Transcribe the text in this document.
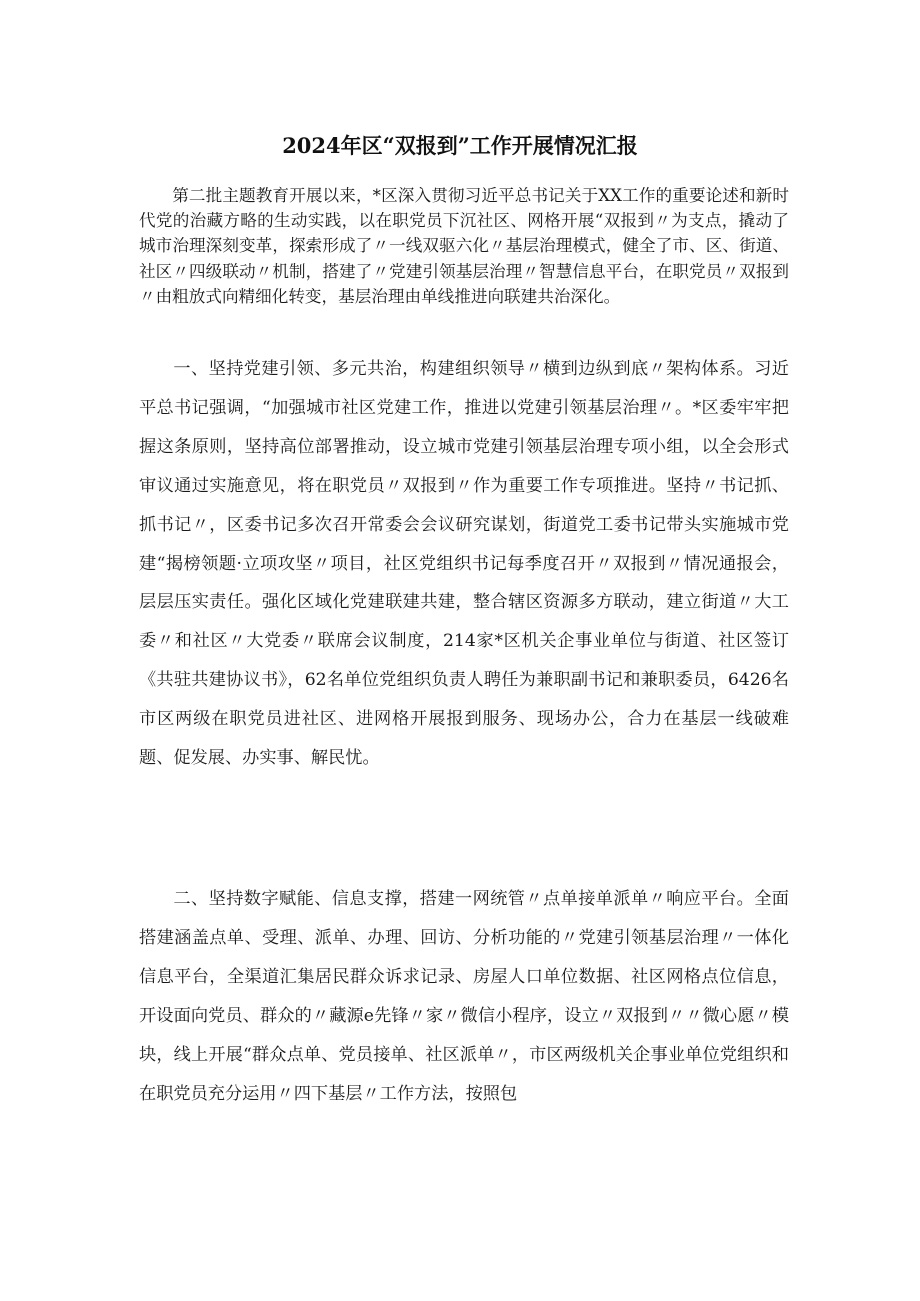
2024年区“双报到”工作开展情况汇报

第二批主题教育开展以来，*区深入贯彻习近平总书记关于XX工作的重要论述和新时代党的治藏方略的生动实践，以在职党员下沉社区、网格开展“双报到〃为支点，撬动了城市治理深刻变革，探索形成了〃一线双驱六化〃基层治理模式，健全了市、区、街道、社区〃四级联动〃机制，搭建了〃党建引领基层治理〃智慧信息平台，在职党员〃双报到〃由粗放式向精细化转变，基层治理由单线推进向联建共治深化。

一、坚持党建引领、多元共治，构建组织领导〃横到边纵到底〃架构体系。习近平总书记强调，“加强城市社区党建工作，推进以党建引领基层治理〃。*区委牢牢把握这条原则，坚持高位部署推动，设立城市党建引领基层治理专项小组，以全会形式审议通过实施意见，将在职党员〃双报到〃作为重要工作专项推进。坚持〃书记抓、抓书记〃，区委书记多次召开常委会会议研究谋划，街道党工委书记带头实施城市党建“揭榜领题·立项攻坚〃项目，社区党组织书记每季度召开〃双报到〃情况通报会，层层压实责任。强化区域化党建联建共建，整合辖区资源多方联动，建立街道〃大工委〃和社区〃大党委〃联席会议制度，214家*区机关企事业单位与街道、社区签订《共驻共建协议书》，62名单位党组织负责人聘任为兼职副书记和兼职委员，6426名市区两级在职党员进社区、进网格开展报到服务、现场办公，合力在基层一线破难题、促发展、办实事、解民忧。

二、坚持数字赋能、信息支撑，搭建一网统管〃点单接单派单〃响应平台。全面搭建涵盖点单、受理、派单、办理、回访、分析功能的〃党建引领基层治理〃一体化信息平台，全渠道汇集居民群众诉求记录、房屋人口单位数据、社区网格点位信息，开设面向党员、群众的〃藏源e先锋〃家〃微信小程序，设立〃双报到〃〃微心愿〃模块，线上开展“群众点单、党员接单、社区派单〃，市区两级机关企事业单位党组织和在职党员充分运用〃四下基层〃工作方法，按照包
